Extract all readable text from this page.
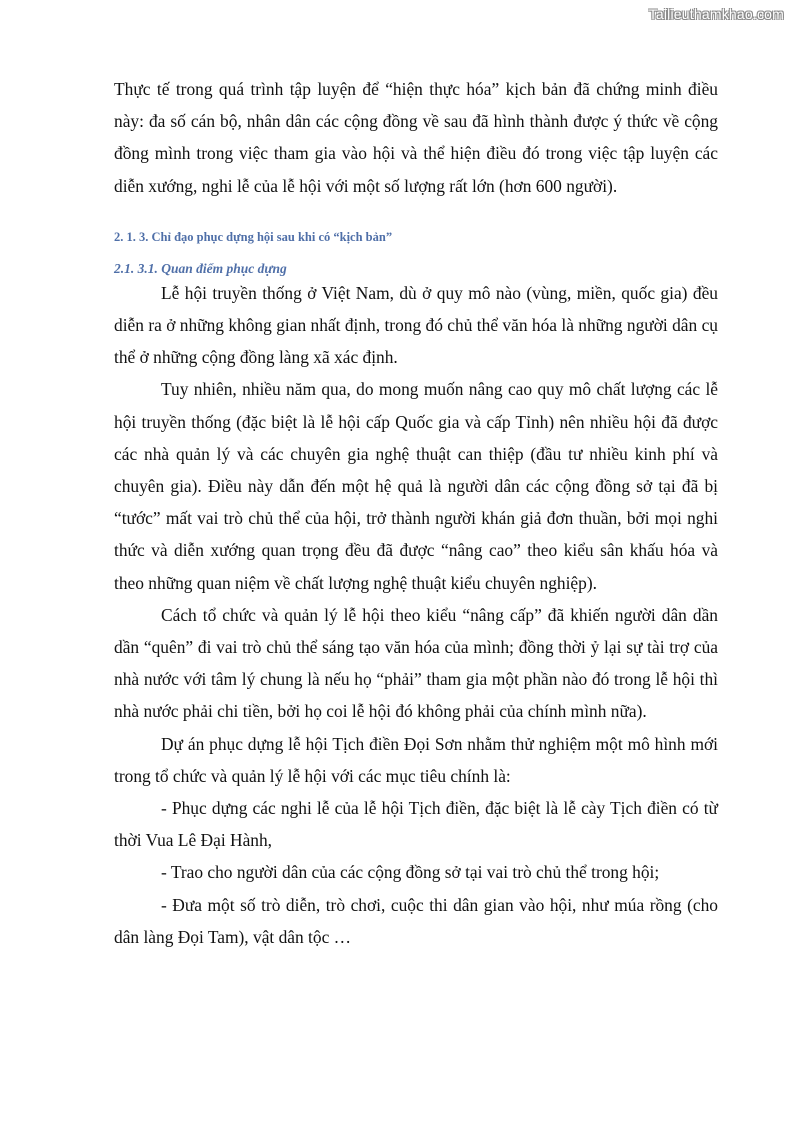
Tailieuthamkhao.com

Thực tế trong quá trình tập luyện để “hiện thực hóa” kịch bản đã chứng minh điều này: đa số cán bộ, nhân dân các cộng đồng về sau đã hình thành được ý thức về cộng đồng mình trong việc tham gia vào hội và thể hiện điều đó trong việc tập luyện các diễn xướng, nghi lễ của lễ hội với một số lượng rất lớn (hơn 600 người).

2. 1. 3. Chỉ đạo phục dựng hội sau khi có “kịch bản”
2.1. 3.1. Quan điểm phục dựng

Lễ hội truyền thống ở Việt Nam, dù ở quy mô nào (vùng, miền, quốc gia) đều diễn ra ở những không gian nhất định, trong đó chủ thể văn hóa là những người dân cụ thể ở những cộng đồng làng xã xác định.

Tuy nhiên, nhiều năm qua, do mong muốn nâng cao quy mô chất lượng các lễ hội truyền thống (đặc biệt là lễ hội cấp Quốc gia và cấp Tỉnh) nên nhiều hội đã được các nhà quản lý và các chuyên gia nghệ thuật can thiệp (đầu tư nhiều kinh phí và chuyên gia). Điều này dẫn đến một hệ quả là người dân các cộng đồng sở tại đã bị “tước” mất vai trò chủ thể của hội, trở thành người khán giả đơn thuần, bởi mọi nghi thức và diễn xướng quan trọng đều đã được “nâng cao” theo kiểu sân khấu hóa và theo những quan niệm về chất lượng nghệ thuật kiểu chuyên nghiệp).

Cách tổ chức và quản lý lễ hội theo kiểu “nâng cấp” đã khiến người dân dần dần “quên” đi vai trò chủ thể sáng tạo văn hóa của mình; đồng thời ỷ lại sự tài trợ của nhà nước với tâm lý chung là nếu họ “phải” tham gia một phần nào đó trong lễ hội thì nhà nước phải chi tiền, bởi họ coi lễ hội đó không phải của chính mình nữa).

Dự án phục dựng lễ hội Tịch điền Đọi Sơn nhằm thử nghiệm một mô hình mới trong tổ chức và quản lý lễ hội với các mục tiêu chính là:

- Phục dựng các nghi lễ của lễ hội Tịch điền, đặc biệt là lễ cày Tịch điền có từ thời Vua Lê Đại Hành,

- Trao cho người dân của các cộng đồng sở tại vai trò chủ thể trong hội;

- Đưa một số trò diễn, trò chơi, cuộc thi dân gian vào hội, như múa rồng (cho dân làng Đọi Tam), vật dân tộc …
